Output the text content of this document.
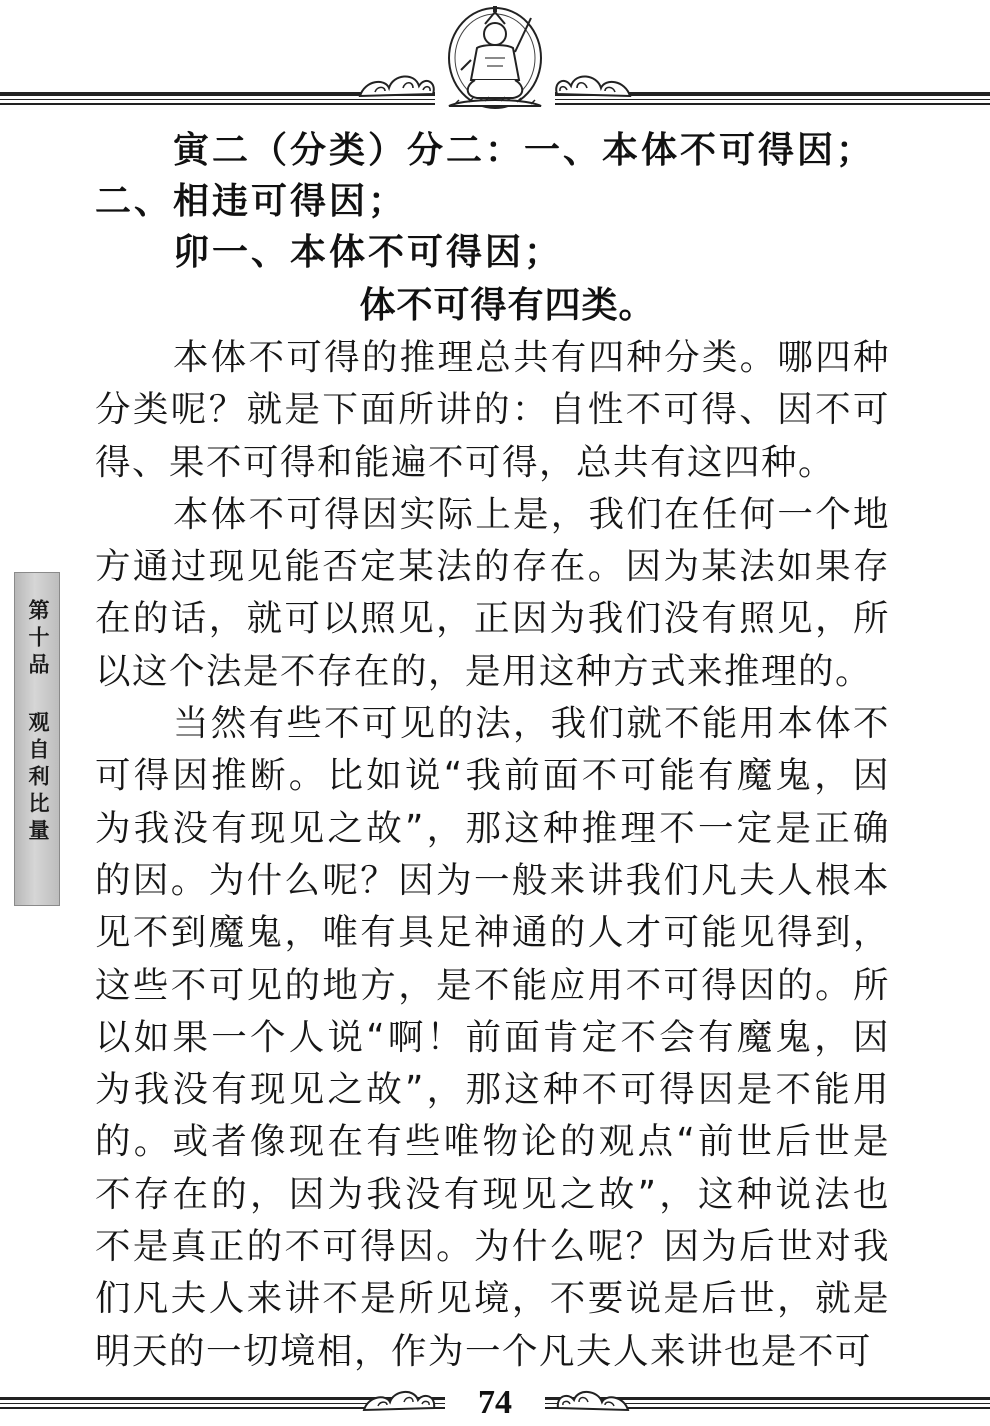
第十品 观自利比量

寅二（分类）分二：一、本体不可得因；二、相违可得因；

卯一、本体不可得因；

体不可得有四类。

本体不可得的推理总共有四种分类。哪四种分类呢？就是下面所讲的：自性不可得、因不可得、果不可得和能遍不可得，总共有这四种。

本体不可得因实际上是，我们在任何一个地方通过现见能否定某法的存在。因为某法如果存在的话，就可以照见，正因为我们没有照见，所以这个法是不存在的，是用这种方式来推理的。

当然有些不可见的法，我们就不能用本体不可得因推断。比如说“我前面不可能有魔鬼，因为我没有现见之故”，那这种推理不一定是正确的因。为什么呢？因为一般来讲我们凡夫人根本见不到魔鬼，唯有具足神通的人才可能见得到，这些不可见的地方，是不能应用不可得因的。所以如果一个人说“啊！前面肯定不会有魔鬼，因为我没有现见之故”，那这种不可得因是不能用的。或者像现在有些唯物论的观点“前世后世是不存在的，因为我没有现见之故”，这种说法也不是真正的不可得因。为什么呢？因为后世对我们凡夫人来讲不是所见境，不要说是后世，就是明天的一切境相，作为一个凡夫人来讲也是不可

74
